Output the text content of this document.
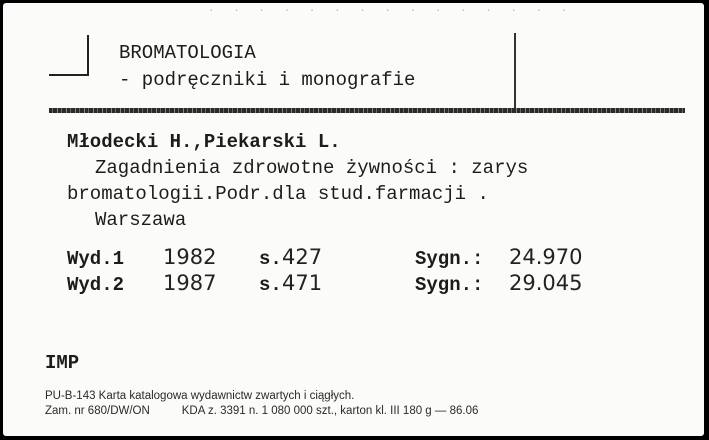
. . . . . . . . . . . . . . .
BROMATOLOGIA
- podręczniki i monografie
Młodecki H.,Piekarski L.
Zagadnienia zdrowotne żywności : zarys
bromatologii.Podr.dla stud.farmacji .
Warszawa
Wyd.1 1982 s. 427	Sygn.: 24.970
Wyd.2 1987 s. 471	Sygn.: 29.045
IMP
PU-B-143 Karta katalogowa wydawnictw zwartych i ciągłych.
Zam. nr 680/DW/ON          KDA z. 3391 n. 1 080 000 szt., karton kl. III 180 g — 86.06
